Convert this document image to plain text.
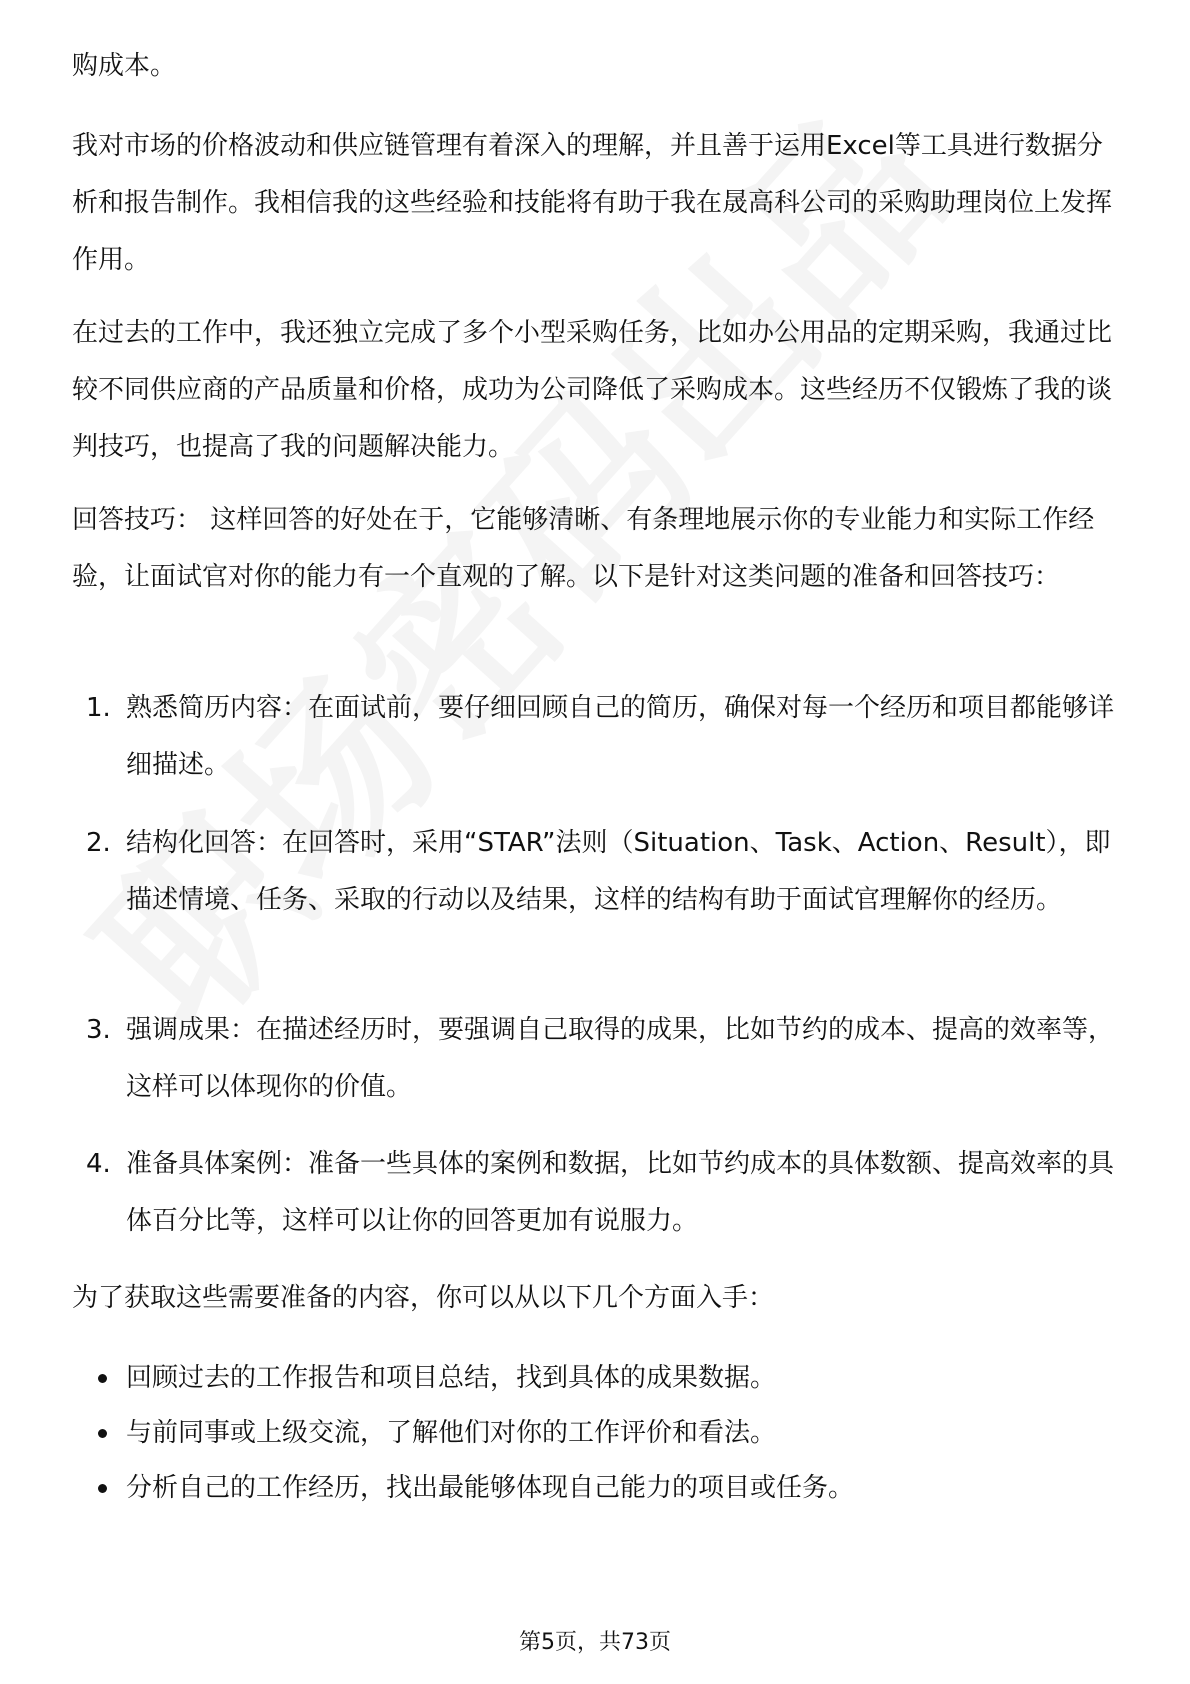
购成本。

我对市场的价格波动和供应链管理有着深入的理解，并且善于运用Excel等工具进行数据分析和报告制作。我相信我的这些经验和技能将有助于我在晟高科公司的采购助理岗位上发挥作用。

在过去的工作中，我还独立完成了多个小型采购任务，比如办公用品的定期采购，我通过比较不同供应商的产品质量和价格，成功为公司降低了采购成本。这些经历不仅锻炼了我的谈判技巧，也提高了我的问题解决能力。

回答技巧： 这样回答的好处在于，它能够清晰、有条理地展示你的专业能力和实际工作经验，让面试官对你的能力有一个直观的了解。以下是针对这类问题的准备和回答技巧：

1. 熟悉简历内容：在面试前，要仔细回顾自己的简历，确保对每一个经历和项目都能够详细描述。
2. 结构化回答：在回答时，采用“STAR”法则（Situation、Task、Action、Result），即描述情境、任务、采取的行动以及结果，这样的结构有助于面试官理解你的经历。
3. 强调成果：在描述经历时，要强调自己取得的成果，比如节约的成本、提高的效率等，这样可以体现你的价值。
4. 准备具体案例：准备一些具体的案例和数据，比如节约成本的具体数额、提高效率的具体百分比等，这样可以让你的回答更加有说服力。

为了获取这些需要准备的内容，你可以从以下几个方面入手：

回顾过去的工作报告和项目总结，找到具体的成果数据。
与前同事或上级交流，了解他们对你的工作评价和看法。
分析自己的工作经历，找出最能够体现自己能力的项目或任务。
第5页，共73页
